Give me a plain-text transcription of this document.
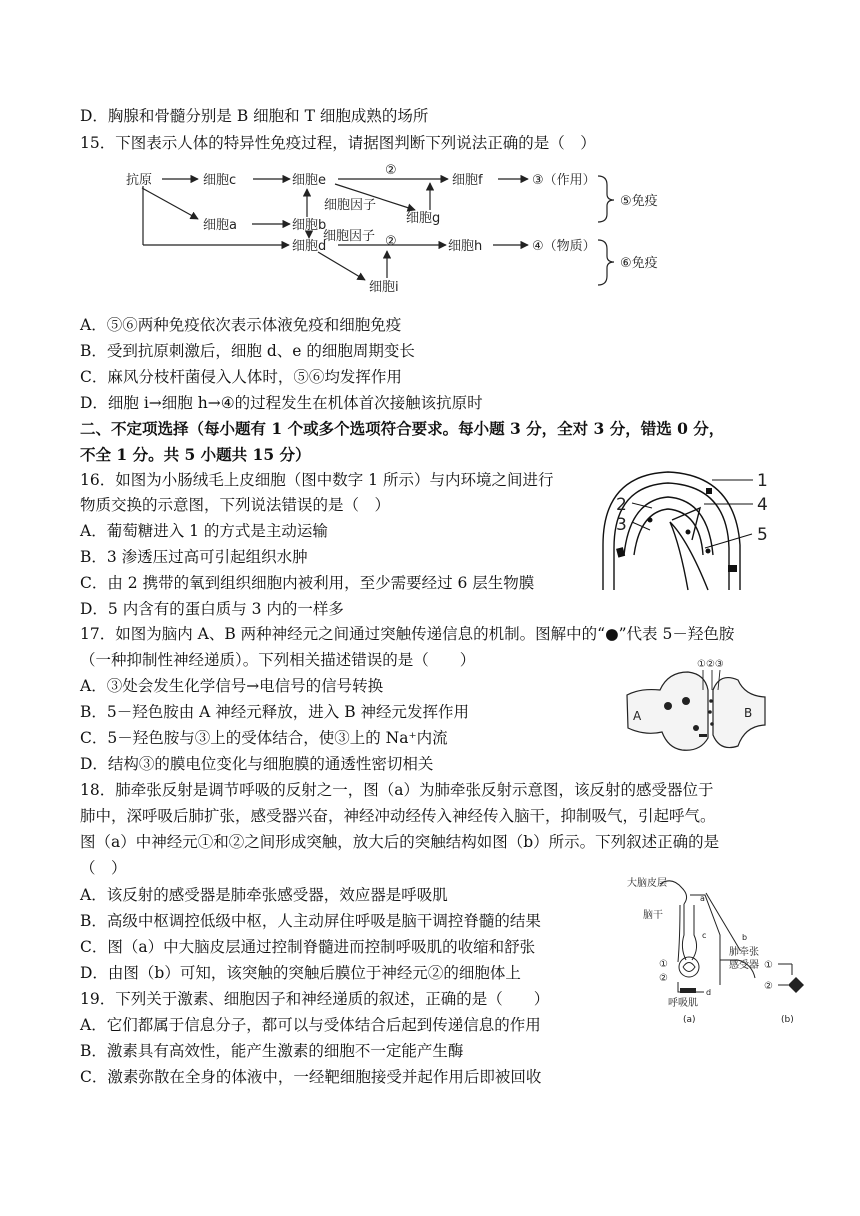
D．胸腺和骨髓分别是 B 细胞和 T 细胞成熟的场所
15．下图表示人体的特异性免疫过程，请据图判断下列说法正确的是（　）
抗原	细胞c	细胞e
②
细胞f	③（作用）
⑤免疫
细胞因子
细胞g
细胞a	细胞b
细胞因子 ②
细胞d	细胞h	④（物质）
⑥免疫
细胞i
A．⑤⑥两种免疫依次表示体液免疫和细胞免疫
B．受到抗原刺激后，细胞 d、e 的细胞周期变长
C．麻风分枝杆菌侵入人体时，⑤⑥均发挥作用
D．细胞 i→细胞 h→④的过程发生在机体首次接触该抗原时
二、不定项选择（每小题有 1 个或多个选项符合要求。每小题 3 分，全对 3 分，错选 0 分，
不全 1 分。共 5 小题共 15 分）
16．如图为小肠绒毛上皮细胞（图中数字 1 所示）与内环境之间进行
物质交换的示意图，下列说法错误的是（　）
A．葡萄糖进入 1 的方式是主动运输
B．3 渗透压过高可引起组织水肿
C．由 2 携带的氧到组织细胞内被利用，至少需要经过 6 层生物膜
D．5 内含有的蛋白质与 3 内的一样多
1
2
3
4
5
17．如图为脑内 A、B 两种神经元之间通过突触传递信息的机制。图解中的“●”代表 5－羟色胺
（一种抑制性神经递质）。下列相关描述错误的是（　　）
A．③处会发生化学信号→电信号的信号转换
B．5－羟色胺由 A 神经元释放，进入 B 神经元发挥作用
C．5－羟色胺与③上的受体结合，使③上的 Na⁺内流
D．结构③的膜电位变化与细胞膜的通透性密切相关
A	B
①②③
18．肺牵张反射是调节呼吸的反射之一，图（a）为肺牵张反射示意图，该反射的感受器位于
肺中，深呼吸后肺扩张，感受器兴奋，神经冲动经传入神经传入脑干，抑制吸气，引起呼气。
图（a）中神经元①和②之间形成突触，放大后的突触结构如图（b）所示。下列叙述正确的是
（　）
A．该反射的感受器是肺牵张感受器，效应器是呼吸肌
B．高级中枢调控低级中枢，人主动屏住呼吸是脑干调控脊髓的结果
C．图（a）中大脑皮层通过控制脊髓进而控制呼吸肌的收缩和舒张
D．由图（b）可知，该突触的突触后膜位于神经元②的细胞体上
大脑皮层
脑干
肺牵张
感受器
呼吸肌
(a)	(b)
①
②
①
②
a
b
c
d
19．下列关于激素、细胞因子和神经递质的叙述，正确的是（　　）
A．它们都属于信息分子，都可以与受体结合后起到传递信息的作用
B．激素具有高效性，能产生激素的细胞不一定能产生酶
C．激素弥散在全身的体液中，一经靶细胞接受并起作用后即被回收
